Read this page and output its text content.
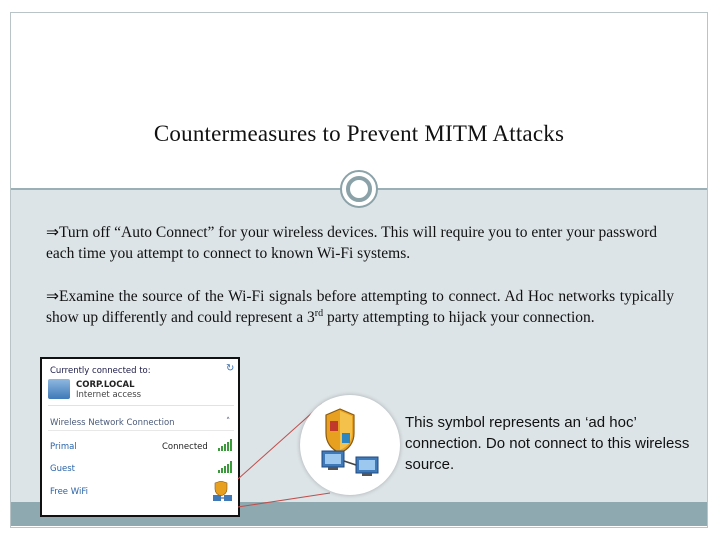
Countermeasures to Prevent MITM Attacks
⇒Turn off “Auto Connect” for your wireless devices. This will require you to enter your password each time you attempt to connect to known Wi-Fi systems.
⇒Examine the source of the Wi-Fi signals before attempting to connect. Ad Hoc networks typically show up differently and could represent a 3rd party attempting to hijack your connection.
Currently connected to:	↻
CORP.LOCAL
Internet access
Wireless Network Connection	˄
Primal	Connected
Guest
Free WiFi
This symbol represents an ‘ad hoc’ connection. Do not connect to this wireless source.
